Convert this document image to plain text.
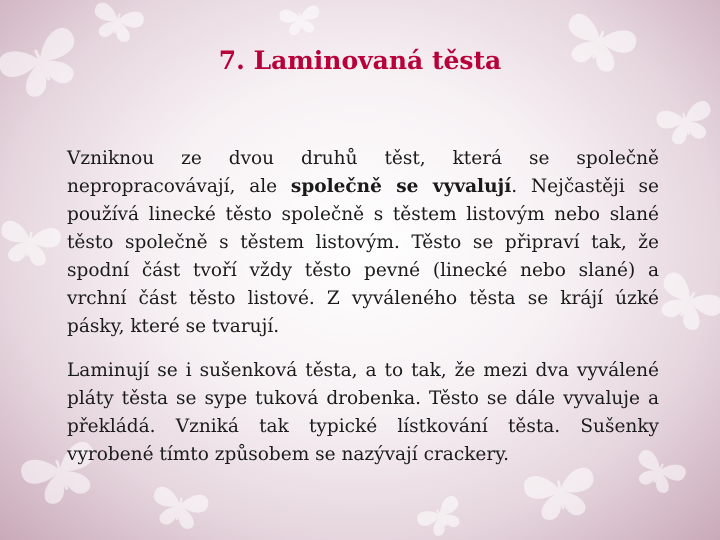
7. Laminovaná těsta

Vzniknou ze dvou druhů těst, která se společně nepropracovávají, ale společně se vyvalují. Nejčastěji se používá linecké těsto společně s těstem listovým nebo slané těsto společně s těstem listovým. Těsto se připraví tak, že spodní část tvoří vždy těsto pevné (linecké nebo slané) a vrchní část těsto listové. Z vyváleného těsta se krájí úzké pásky, které se tvarují.

Laminují se i sušenková těsta, a to tak, že mezi dva vyválené pláty těsta se sype tuková drobenka. Těsto se dále vyvaluje a překládá. Vzniká tak typické lístkování těsta. Sušenky vyrobené tímto způsobem se nazývají crackery.
